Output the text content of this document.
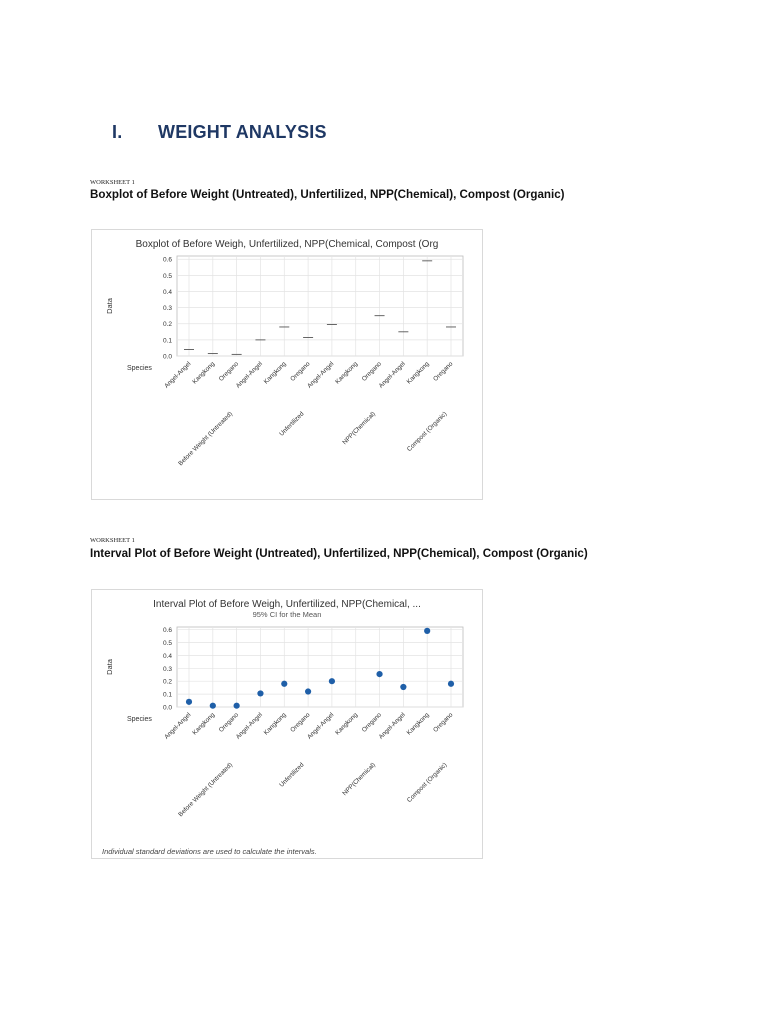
I. WEIGHT ANALYSIS
WORKSHEET 1
Boxplot of Before Weight (Untreated), Unfertilized, NPP(Chemical), Compost (Organic)
Boxplot of Before Weigh, Unfertilized, NPP(Chemical, Compost (Org
0.0
0.1
0.2
0.3
0.4
0.5
0.6
Data
Species Angel-Angel
Kangkong Oregano
Angel-Angel
Kangkong Oregano
Angel-Angel
Kangkong Oregano
Angel-Angel
Kangkong Oregano
Before Weight (Untreated)	Unfertilized	NPP(Chemical)	Compost (Organic)
WORKSHEET 1
Interval Plot of Before Weight (Untreated), Unfertilized, NPP(Chemical), Compost (Organic)
Interval Plot of Before Weigh, Unfertilized, NPP(Chemical, ...
95% CI for the Mean
0.0
0.1
0.2
0.3
0.4
0.5
0.6
Data
Species Angel-Angel
Kangkong Oregano
Angel-Angel
Kangkong Oregano
Angel-Angel
Kangkong Oregano
Angel-Angel
Kangkong Oregano
Before Weight (Untreated)	Unfertilized	NPP(Chemical)	Compost (Organic)
Individual standard deviations are used to calculate the intervals.
